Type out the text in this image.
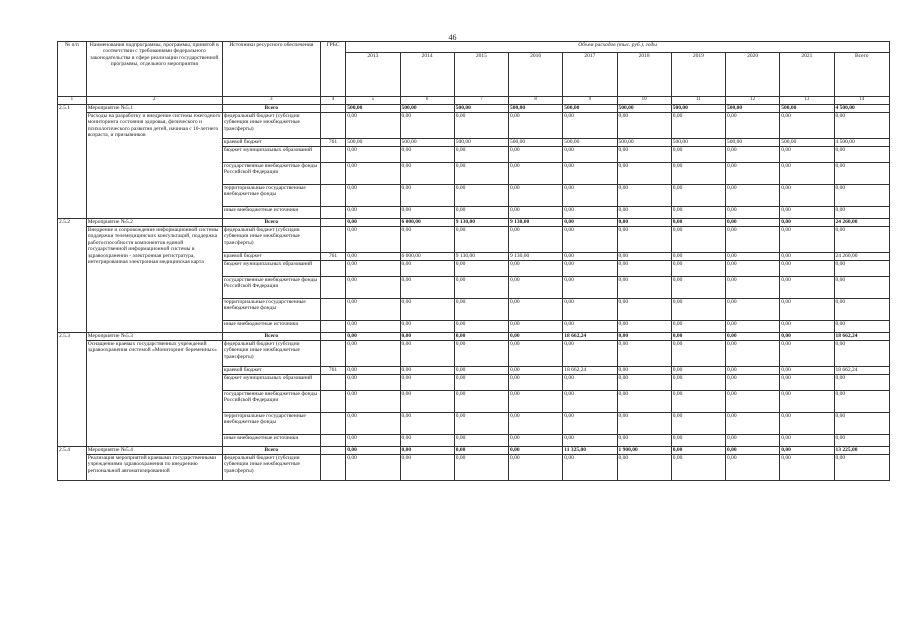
46
№ п/п	Наименования подпрограммы, программы, принятой в соответствии с требованиями федерального законодательства в сфере реализации государственной программы, отдельного мероприятия	Источники ресурсного обеспечения	ГРБС	Объем расходов (тыс. руб.), годы									
				2013	2014	2015	2016	2017	2018	2019	2020	2021	Всего
1	2	3	4	5	6	7	8	9	10	11	12	13	14
2.5.1	Мероприятие №5.1	Всего		500,00	500,00	500,00	500,00	500,00	500,00	500,00	500,00	500,00	4 500,00
	Расходы на разработку и внедрение системы ежегодного мониторинга состояния здоровья, физического и психологического развития детей, начиная с 10-летнего возраста, и призывников	федеральный бюджет (субсидии субвенции иные межбюджетные трансферты)		0,00	0,00	0,00	0,00	0,00	0,00	0,00	0,00	0,00	0,00
		краевой бюджет	761	500,00	500,00	500,00	500,00	500,00	500,00	500,00	500,00	500,00	4 500,00
		бюджет муниципальных образований		0,00	0,00	0,00	0,00	0,00	0,00	0,00	0,00	0,00	0,00
		государственные внебюджетные фонды Российской Федерации		0,00	0,00	0,00	0,00	0,00	0,00	0,00	0,00	0,00	0,00
		территориальные государственные внебюджетные фонды		0,00	0,00	0,00	0,00	0,00	0,00	0,00	0,00	0,00	0,00
		иные внебюджетные источники		0,00	0,00	0,00	0,00	0,00	0,00	0,00	0,00	0,00	0,00
2.5.2	Мероприятие №5.2	Всего		0,00	6 000,00	9 130,00	9 130,00	0,00	0,00	0,00	0,00	0,00	24 260,00
	Внедрение и сопровождение информационной системы поддержки телемедицинских консультаций, поддержка работоспособности компонентов единой государственной информационной системы в здравоохранении - электронная регистратура, интегрированная электронная медицинская карта	федеральный бюджет (субсидии субвенции иные межбюджетные трансферты)		0,00	0,00	0,00	0,00	0,00	0,00	0,00	0,00	0,00	0,00
		краевой бюджет	761	0,00	6 000,00	9 130,00	9 130,00	0,00	0,00	0,00	0,00	0,00	24 260,00
		бюджет муниципальных образований		0,00	0,00	0,00	0,00	0,00	0,00	0,00	0,00	0,00	0,00
		государственные внебюджетные фонды Российской Федерации		0,00	0,00	0,00	0,00	0,00	0,00	0,00	0,00	0,00	0,00
		территориальные государственные внебюджетные фонды		0,00	0,00	0,00	0,00	0,00	0,00	0,00	0,00	0,00	0,00
		иные внебюджетные источники		0,00	0,00	0,00	0,00	0,00	0,00	0,00	0,00	0,00	0,00
2.5.3	Мероприятие №5.3	Всего		0,00	0,00	0,00	0,00	18 662,24	0,00	0,00	0,00	0,00	18 662,24
	Оснащение краевых государственных учреждений здравоохранения системой «Мониторинг беременных»	федеральный бюджет (субсидии субвенции иные межбюджетные трансферты)		0,00	0,00	0,00	0,00	0,00	0,00	0,00	0,00	0,00	0,00
		краевой бюджет	761	0,00	0,00	0,00	0,00	18 662,24	0,00	0,00	0,00	0,00	18 662,24
		бюджет муниципальных образований		0,00	0,00	0,00	0,00	0,00	0,00	0,00	0,00	0,00	0,00
		государственные внебюджетные фонды Российской Федерации		0,00	0,00	0,00	0,00	0,00	0,00	0,00	0,00	0,00	0,00
		территориальные государственные внебюджетные фонды		0,00	0,00	0,00	0,00	0,00	0,00	0,00	0,00	0,00	0,00
		иные внебюджетные источники		0,00	0,00	0,00	0,00	0,00	0,00	0,00	0,00	0,00	0,00
2.5.4	Мероприятие №5.4	Всего		0,00	0,00	0,00	0,00	11 325,00	1 900,00	0,00	0,00	0,00	13 225,00
	Реализация мероприятий краевыми государственными учреждениями здравоохранения по внедрению региональной автоматизированной	федеральный бюджет (субсидии субвенции иные межбюджетные трансферты)		0,00	0,00	0,00	0,00	0,00	0,00	0,00	0,00	0,00	0,00
